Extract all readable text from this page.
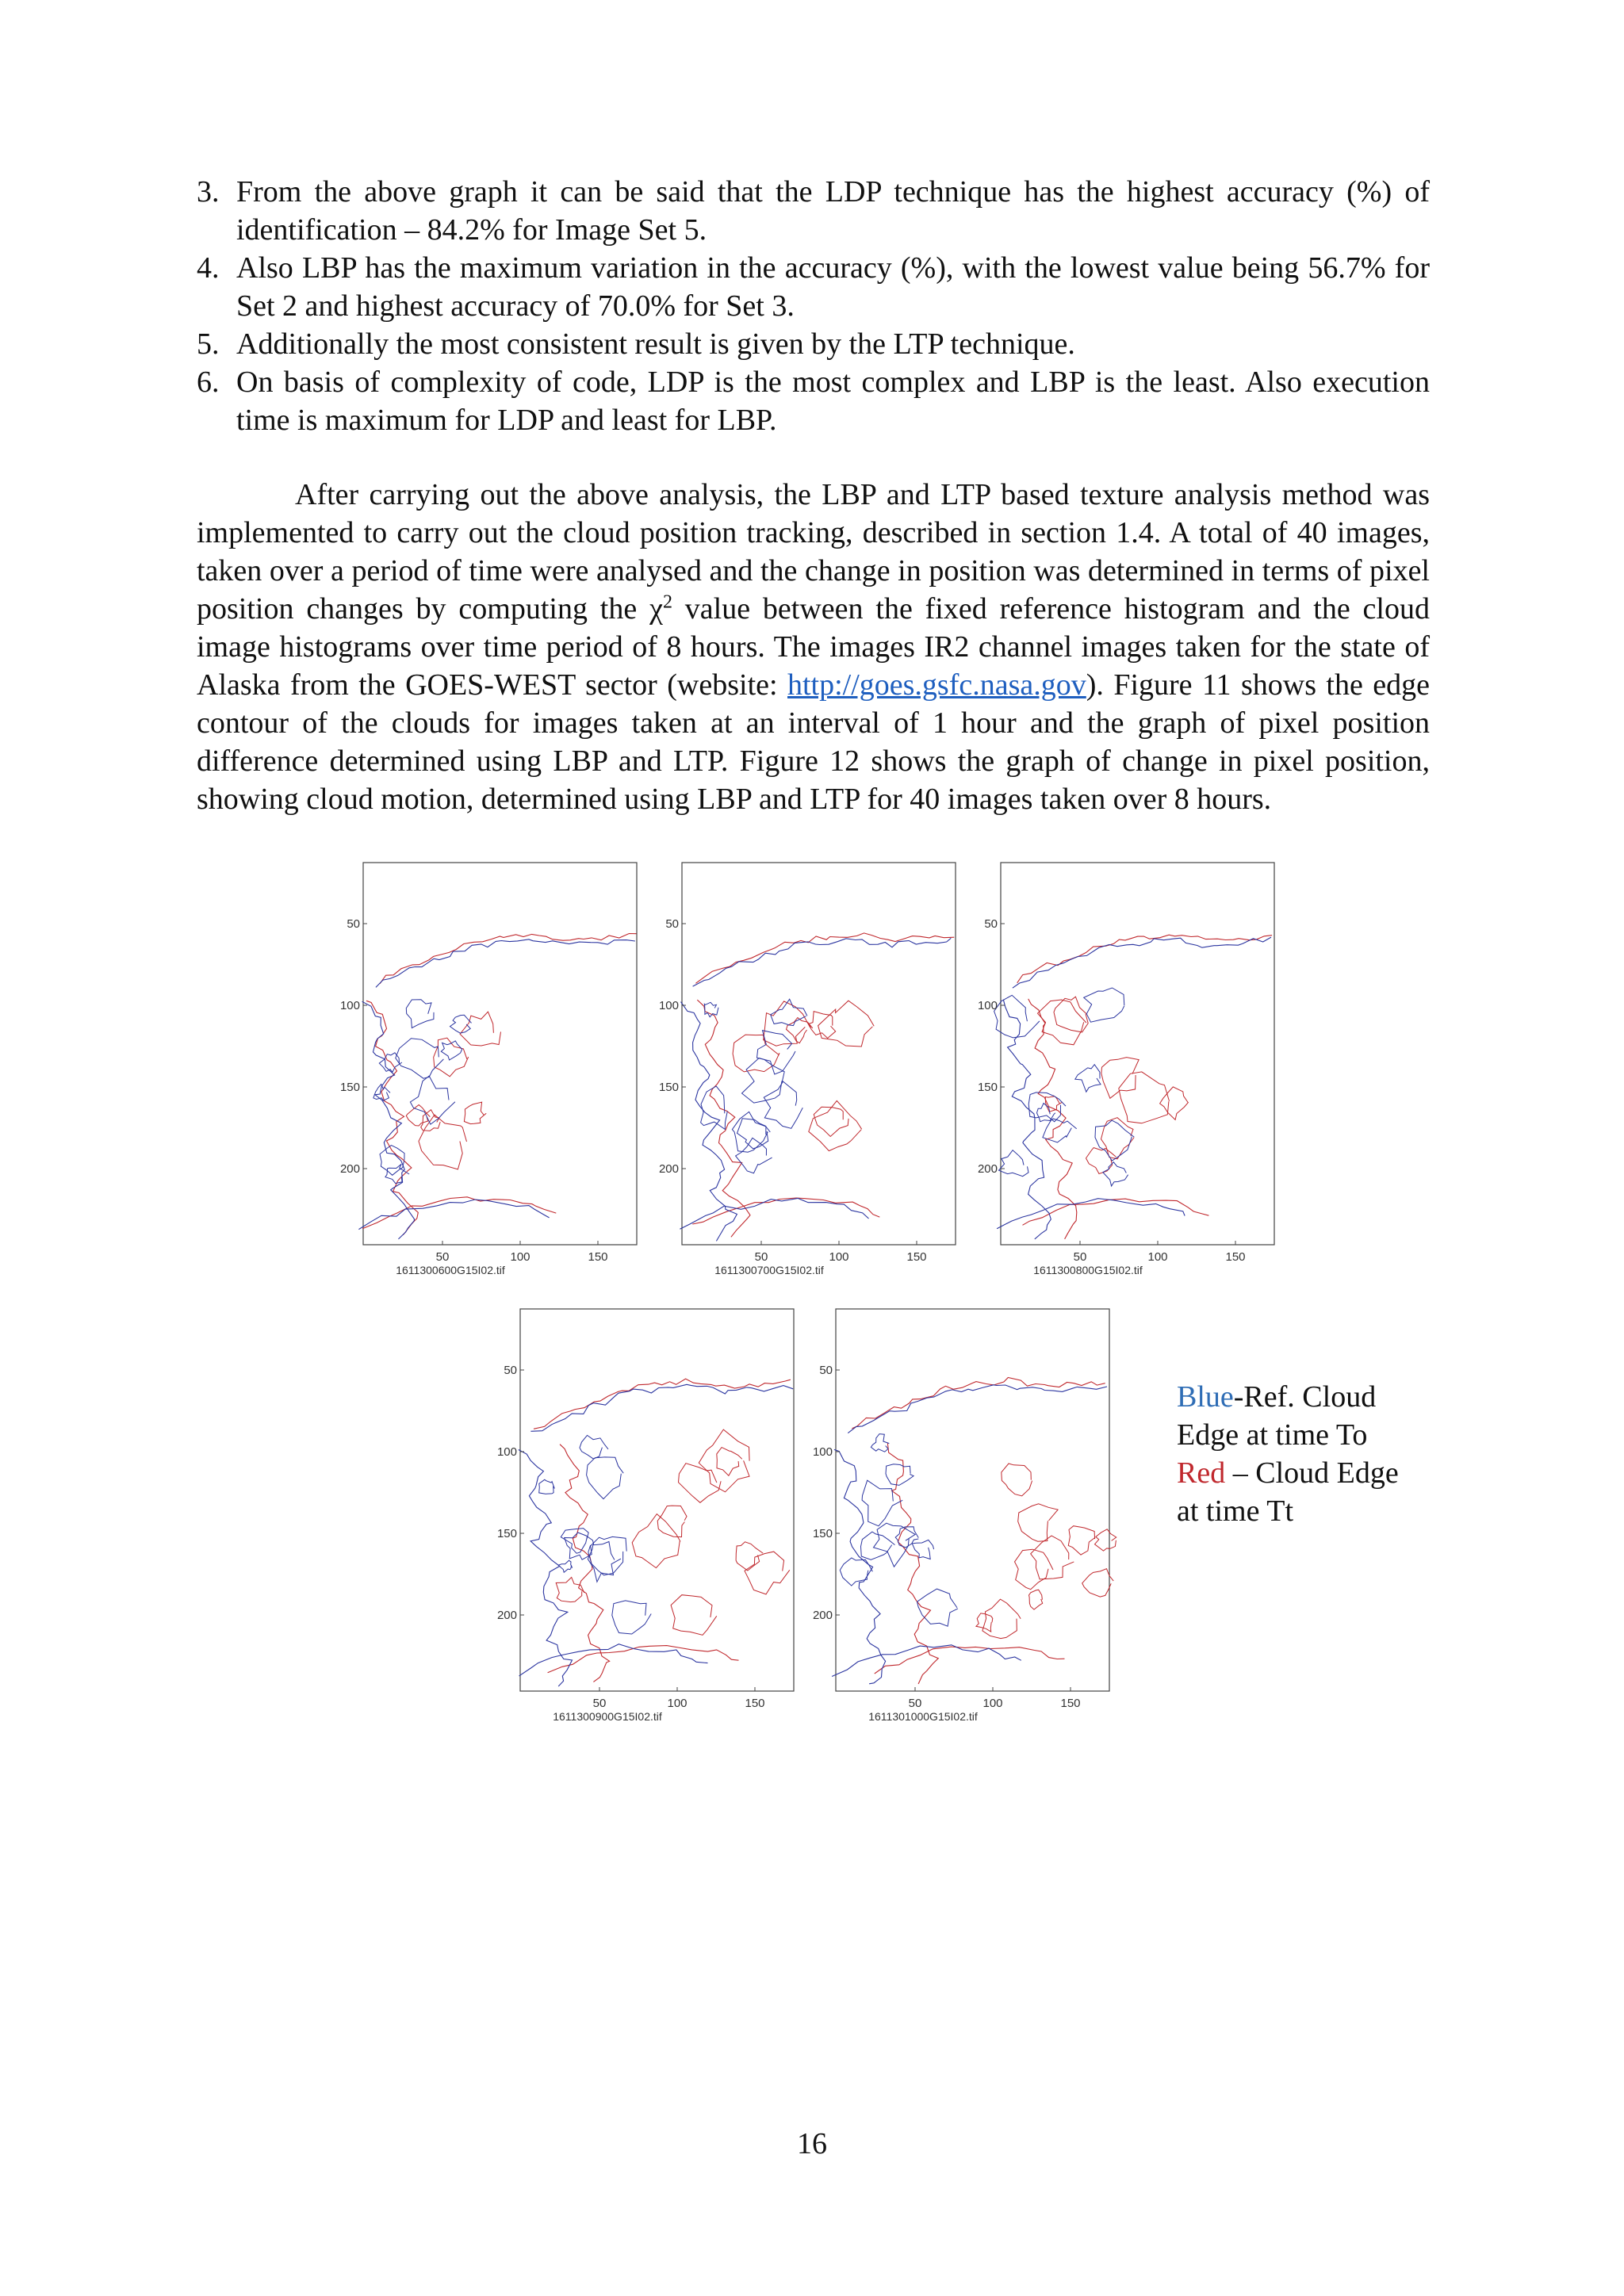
3. From the above graph it can be said that the LDP technique has the highest accuracy (%) of identification – 84.2% for Image Set 5.
4. Also LBP has the maximum variation in the accuracy (%), with the lowest value being 56.7% for Set 2 and highest accuracy of 70.0% for Set 3.
5. Additionally the most consistent result is given by the LTP technique.
6. On basis of complexity of code, LDP is the most complex and LBP is the least. Also execution time is maximum for LDP and least for LBP.

After carrying out the above analysis, the LBP and LTP based texture analysis method was implemented to carry out the cloud position tracking, described in section 1.4. A total of 40 images, taken over a period of time were analysed and the change in position was determined in terms of pixel position changes by computing the $\chi^2$ value between the fixed reference histogram and the cloud image histograms over time period of 8 hours. The images IR2 channel images taken for the state of Alaska from the GOES-WEST sector (website: http://goes.gsfc.nasa.gov). Figure 11 shows the edge contour of the clouds for images taken at an interval of 1 hour and the graph of pixel position difference determined using LBP and LTP. Figure 12 shows the graph of change in pixel position, showing cloud motion, determined using LBP and LTP for 40 images taken over 8 hours.

50
100
150
200
50	100	150
1611300600G15I02.tif
50
100
150
200
50	100	150
1611300700G15I02.tif
50
100
150
200
50	100	150
1611300800G15I02.tif
50
100
150
200
50	100	150
1611300900G15I02.tif
50
100
150
200
50	100	150
1611301000G15I02.tif
Blue-Ref. Cloud Edge at time To
Red – Cloud Edge at time Tt
16
